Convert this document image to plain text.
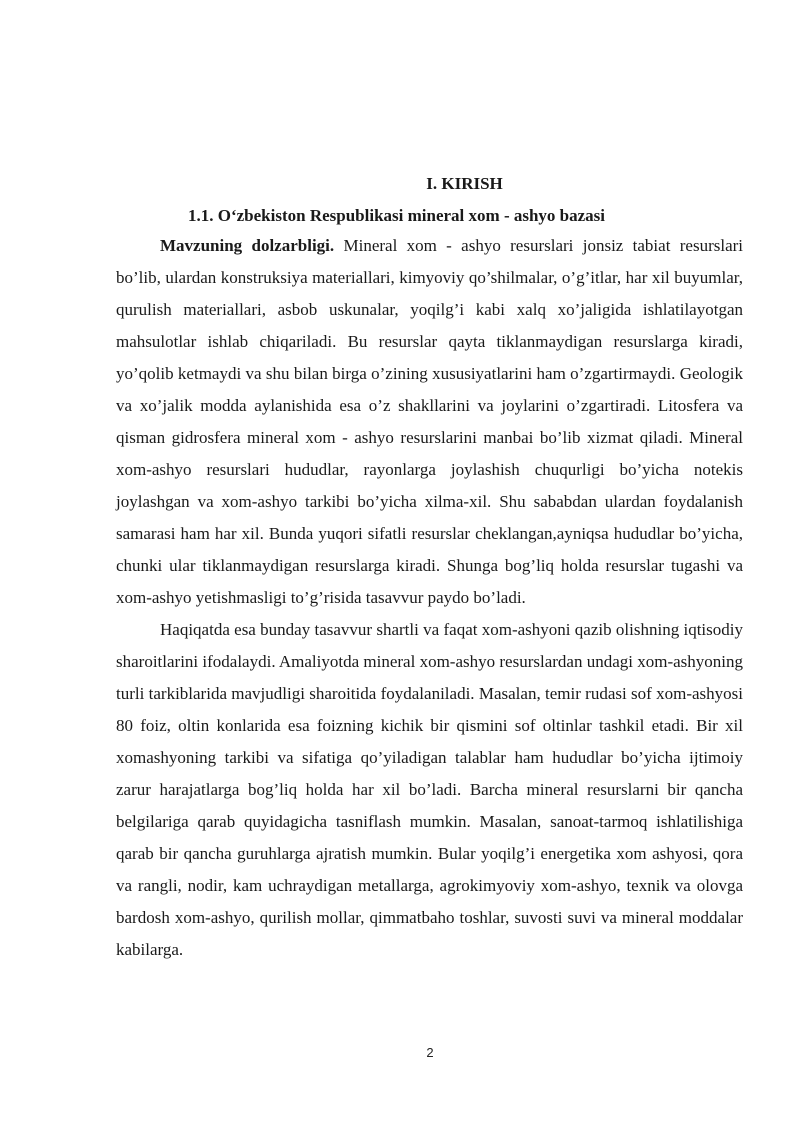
I. KIRISH
1.1. O‘zbekiston Respublikasi mineral xom - ashyo bazasi

Mavzuning dolzarbligi. Mineral xom - ashyo resurslari jonsiz tabiat resurslari bo’lib, ulardan konstruksiya materiallari, kimyoviy qo’shilmalar, o’g’itlar, har xil buyumlar, qurulish materiallari, asbob uskunalar, yoqilg’i kabi xalq xo’jaligida ishlatilayotgan mahsulotlar ishlab chiqariladi. Bu resurslar qayta tiklanmaydigan resurslarga kiradi, yo’qolib ketmaydi va shu bilan birga o’zining xususiyatlarini ham o’zgartirmaydi. Geologik va xo’jalik modda aylanishida esa o’z shakllarini va joylarini o’zgartiradi. Litosfera va qisman gidrosfera mineral xom - ashyo resurslarini manbai bo’lib xizmat qiladi. Mineral xom-ashyo resurslari hududlar, rayonlarga joylashish chuqurligi bo’yicha notekis joylashgan va xom-ashyo tarkibi bo’yicha xilma-xil. Shu sababdan ulardan foydalanish samarasi ham har xil. Bunda yuqori sifatli resurslar cheklangan,ayniqsa hududlar bo’yicha, chunki ular tiklanmaydigan resurslarga kiradi. Shunga bog’liq holda resurslar tugashi va xom-ashyo yetishmasligi to’g’risida tasavvur paydo bo’ladi.

Haqiqatda esa bunday tasavvur shartli va faqat xom-ashyoni qazib olishning iqtisodiy sharoitlarini ifodalaydi. Amaliyotda mineral xom-ashyo resurslardan undagi xom-ashyoning turli tarkiblarida mavjudligi sharoitida foydalaniladi. Masalan, temir rudasi sof xom-ashyosi 80 foiz, oltin konlarida esa foizning kichik bir qismini sof oltinlar tashkil etadi. Bir xil xomashyoning tarkibi va sifatiga qo’yiladigan talablar ham hududlar bo’yicha ijtimoiy zarur harajatlarga bog’liq holda har xil bo’ladi. Barcha mineral resurslarni bir qancha belgilariga qarab quyidagicha tasniflash mumkin. Masalan, sanoat-tarmoq ishlatilishiga qarab bir qancha guruhlarga ajratish mumkin. Bular yoqilg’i energetika xom ashyosi, qora va rangli, nodir, kam uchraydigan metallarga, agrokimyoviy xom-ashyo, texnik va olovga bardosh xom-ashyo, qurilish mollar, qimmatbaho toshlar, suvosti suvi va mineral moddalar kabilarga.

2
